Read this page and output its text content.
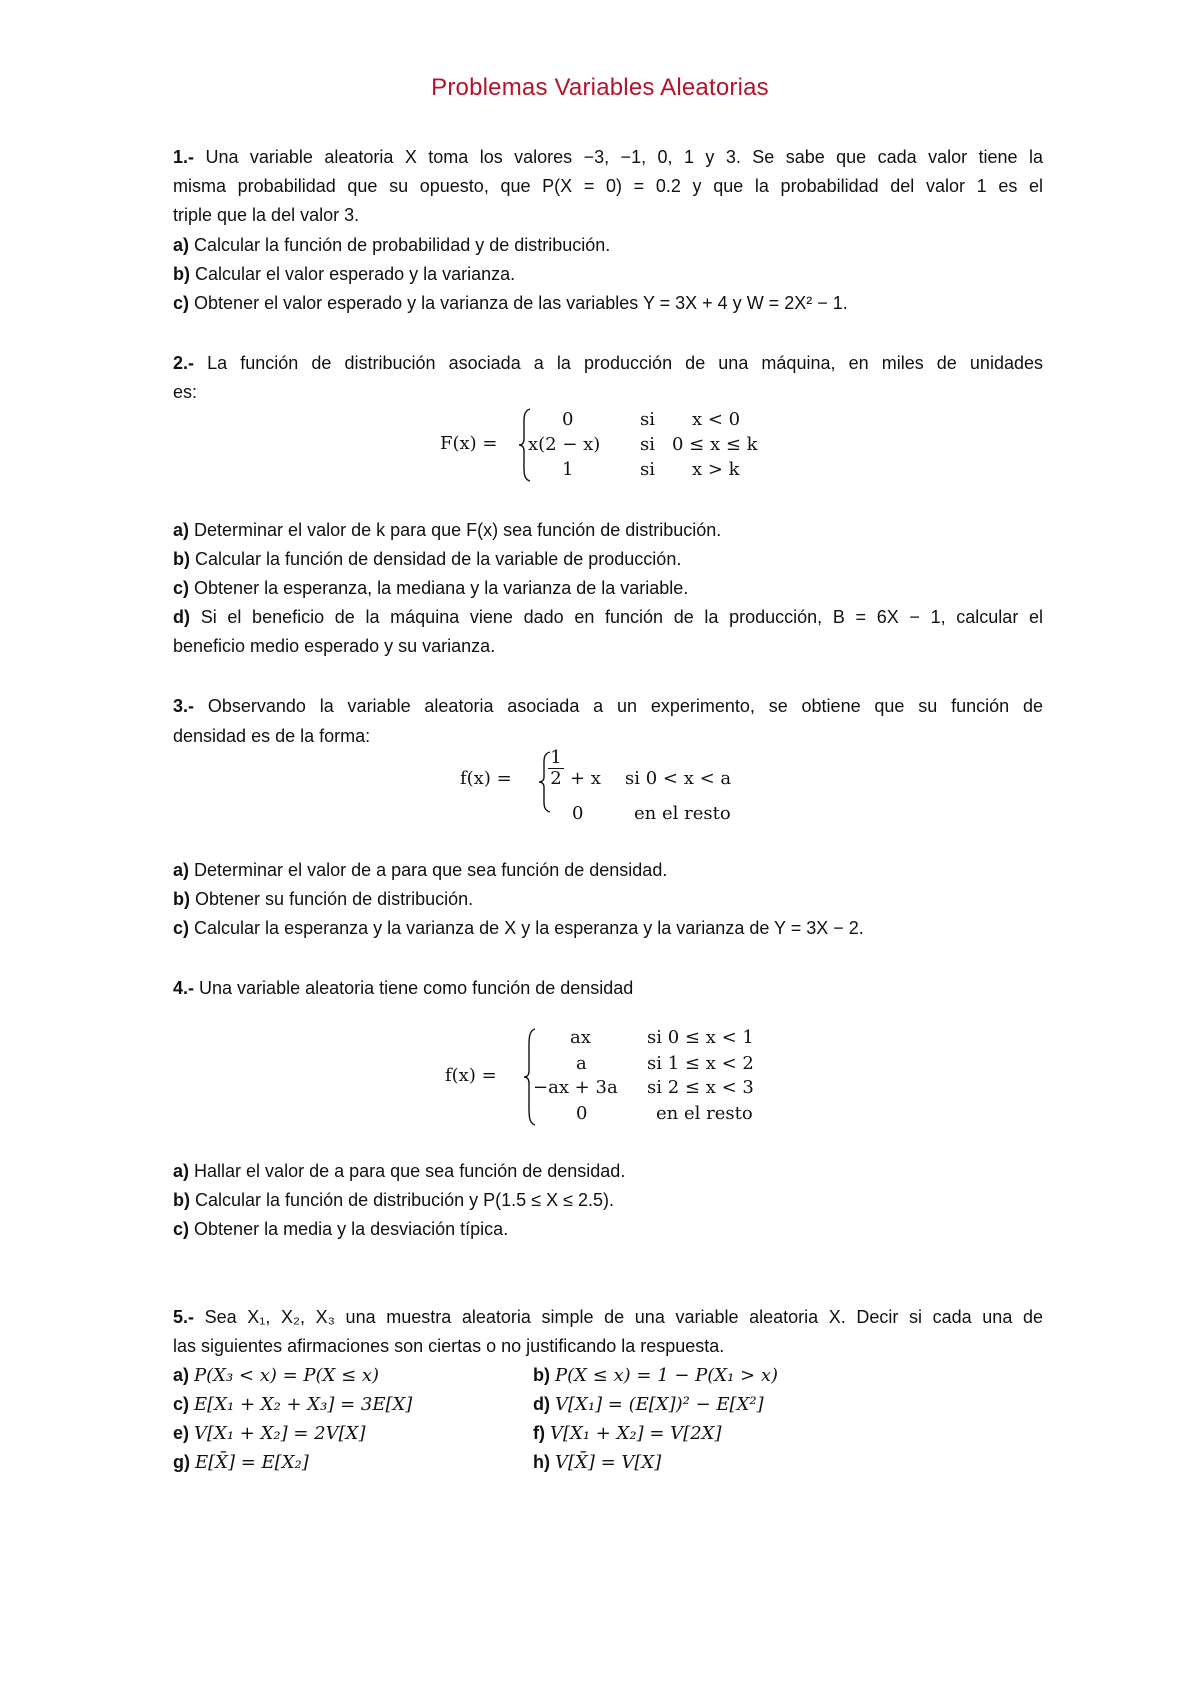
Problemas Variables Aleatorias
1.- Una variable aleatoria X toma los valores −3, −1, 0, 1 y 3. Se sabe que cada valor tiene la
misma probabilidad que su opuesto, que P(X = 0) = 0.2 y que la probabilidad del valor 1 es el
triple que la del valor 3.
a) Calcular la función de probabilidad y de distribución.
b) Calcular el valor esperado y la varianza.
c) Obtener el valor esperado y la varianza de las variables Y = 3X + 4 y W = 2X² − 1.
2.- La función de distribución asociada a la producción de una máquina, en miles de unidades
es:
F(x) =
0	si x < 0
x(2 − x) si 0 ≤ x ≤ k
1	si x > k
a) Determinar el valor de k para que F(x) sea función de distribución.
b) Calcular la función de densidad de la variable de producción.
c) Obtener la esperanza, la mediana y la varianza de la variable.
d) Si el beneficio de la máquina viene dado en función de la producción, B = 6X − 1, calcular el
beneficio medio esperado y su varianza.
3.- Observando la variable aleatoria asociada a un experimento, se obtiene que su función de
densidad es de la forma:
f(x) =
1
2 + x si 0 < x < a
0	en el resto
a) Determinar el valor de a para que sea función de densidad.
b) Obtener su función de distribución.
c) Calcular la esperanza y la varianza de X y la esperanza y la varianza de Y = 3X − 2.
4.- Una variable aleatoria tiene como función de densidad
f(x) =
ax	si 0 ≤ x < 1
a	si 1 ≤ x < 2
−ax + 3a si 2 ≤ x < 3
0	en el resto
a) Hallar el valor de a para que sea función de densidad.
b) Calcular la función de distribución y P(1.5 ≤ X ≤ 2.5).
c) Obtener la media y la desviación típica.
5.- Sea X₁, X₂, X₃ una muestra aleatoria simple de una variable aleatoria X. Decir si cada una de
las siguientes afirmaciones son ciertas o no justificando la respuesta.
a) P(X₃ < x) = P(X ≤ x)	b) P(X ≤ x) = 1 − P(X₁ > x)
c) E[X₁ + X₂ + X₃] = 3E[X]	d) V[X₁] = (E[X])² − E[X²]
e) V[X₁ + X₂] = 2V[X]	f) V[X₁ + X₂] = V[2X]
g) E[X̄] = E[X₂]	h) V[X̄] = V[X]
